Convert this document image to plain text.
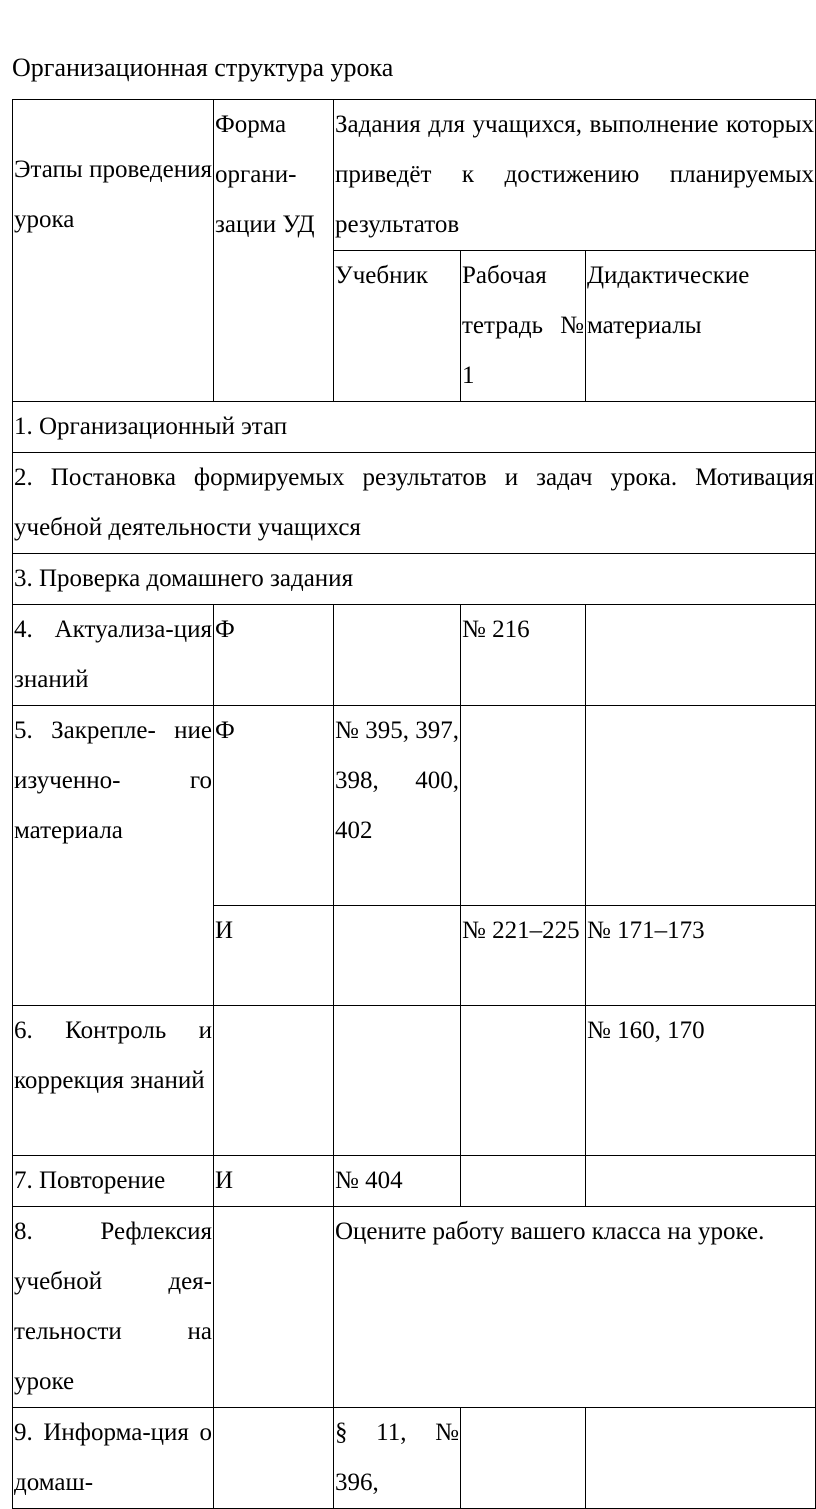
Организационная структура урока
Этапы проведения урока	Форма органи-зации УД	Задания для учащихся, выполнение которых приведёт к достижению планируемых результатов		

		Учебник	Рабочая тетрадь № 1	Дидактические материалы

1. Организационный этап				

2. Постановка формируемых результатов и задач урока. Мотивация учебной деятельности учащихся				

3. Проверка домашнего задания				

4. Актуализа-ция знаний	Ф		№ 216	

5. Закрепле- ние изученно- го материала	Ф	№ 395, 397, 398, 400, 402		

	И		№ 221–225	№ 171–173

6. Контроль и коррекция знаний				№ 160, 170

7. Повторение	И	№ 404		

8. Рефлексия учебной дея-тельности на уроке		Оцените работу вашего класса на уроке.		

9. Информа-ция о домаш-		§ 11, № 396,		
